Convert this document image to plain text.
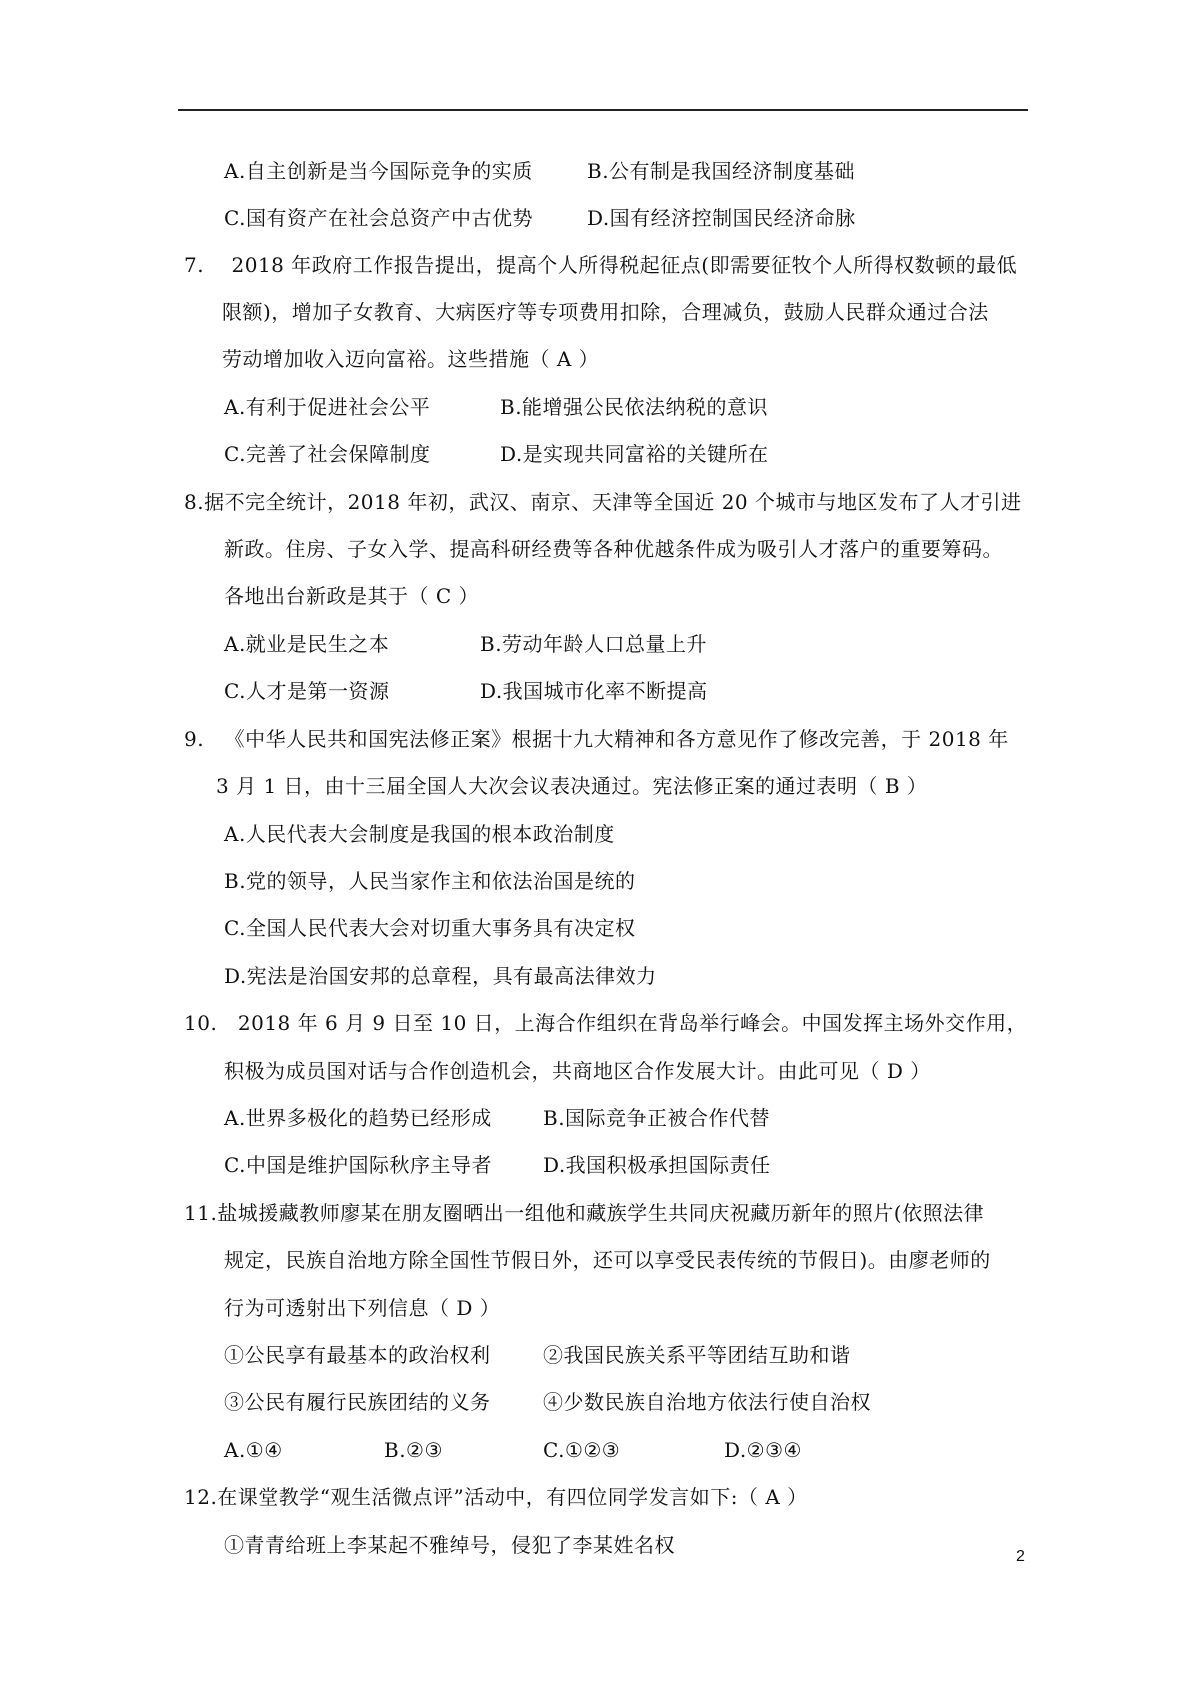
A.自主创新是当今国际竞争的实质	B.公有制是我国经济制度基础
C.国有资产在社会总资产中古优势	D.国有经济控制国民经济命脉
7.    2018 年政府工作报告提出，提高个人所得税起征点(即需要征牧个人所得权数顿的最低
限额)，增加子女教育、大病医疗等专项费用扣除，合理减负，鼓励人民群众通过合法
劳动增加收入迈向富裕。这些措施（ A ）
A.有利于促进社会公平	B.能增强公民依法纳税的意识
C.完善了社会保障制度	D.是实现共同富裕的关键所在
8.据不完全统计，2018 年初，武汉、南京、天津等全国近 20 个城市与地区发布了人才引进
新政。住房、子女入学、提高科研经费等各种优越条件成为吸引人才落户的重要筹码。
各地出台新政是其于（ C ）
A.就业是民生之本	B.劳动年龄人口总量上升
C.人才是第一资源	D.我国城市化率不断提高
9.   《中华人民共和国宪法修正案》根据十九大精神和各方意见作了修改完善，于 2018 年
3 月 1 日，由十三届全国人大次会议表决通过。宪法修正案的通过表明（ B ）
A.人民代表大会制度是我国的根本政治制度
B.党的领导，人民当家作主和依法治国是统的
C.全国人民代表大会对切重大事务具有决定权
D.宪法是治国安邦的总章程，具有最高法律效力
10.   2018 年 6 月 9 日至 10 日，上海合作组织在背岛举行峰会。中国发挥主场外交作用，
积极为成员国对话与合作创造机会，共商地区合作发展大计。由此可见（ D ）
A.世界多极化的趋势已经形成	B.国际竞争正被合作代替
C.中国是维护国际秋序主导者	D.我国积极承担国际责任
11.盐城援藏教师廖某在朋友圈晒出一组他和藏族学生共同庆祝藏历新年的照片(依照法律
规定，民族自治地方除全国性节假日外，还可以享受民表传统的节假日)。由廖老师的
行为可透射出下列信息（ D ）
①公民享有最基本的政治权利	②我国民族关系平等团结互助和谐
③公民有履行民族团结的义务	④少数民族自治地方依法行使自治权
A.①④	B.②③	C.①②③	D.②③④
12.在课堂教学“观生活微点评”活动中，有四位同学发言如下:（ A ）
①青青给班上李某起不雅绰号，侵犯了李某姓名权	2
